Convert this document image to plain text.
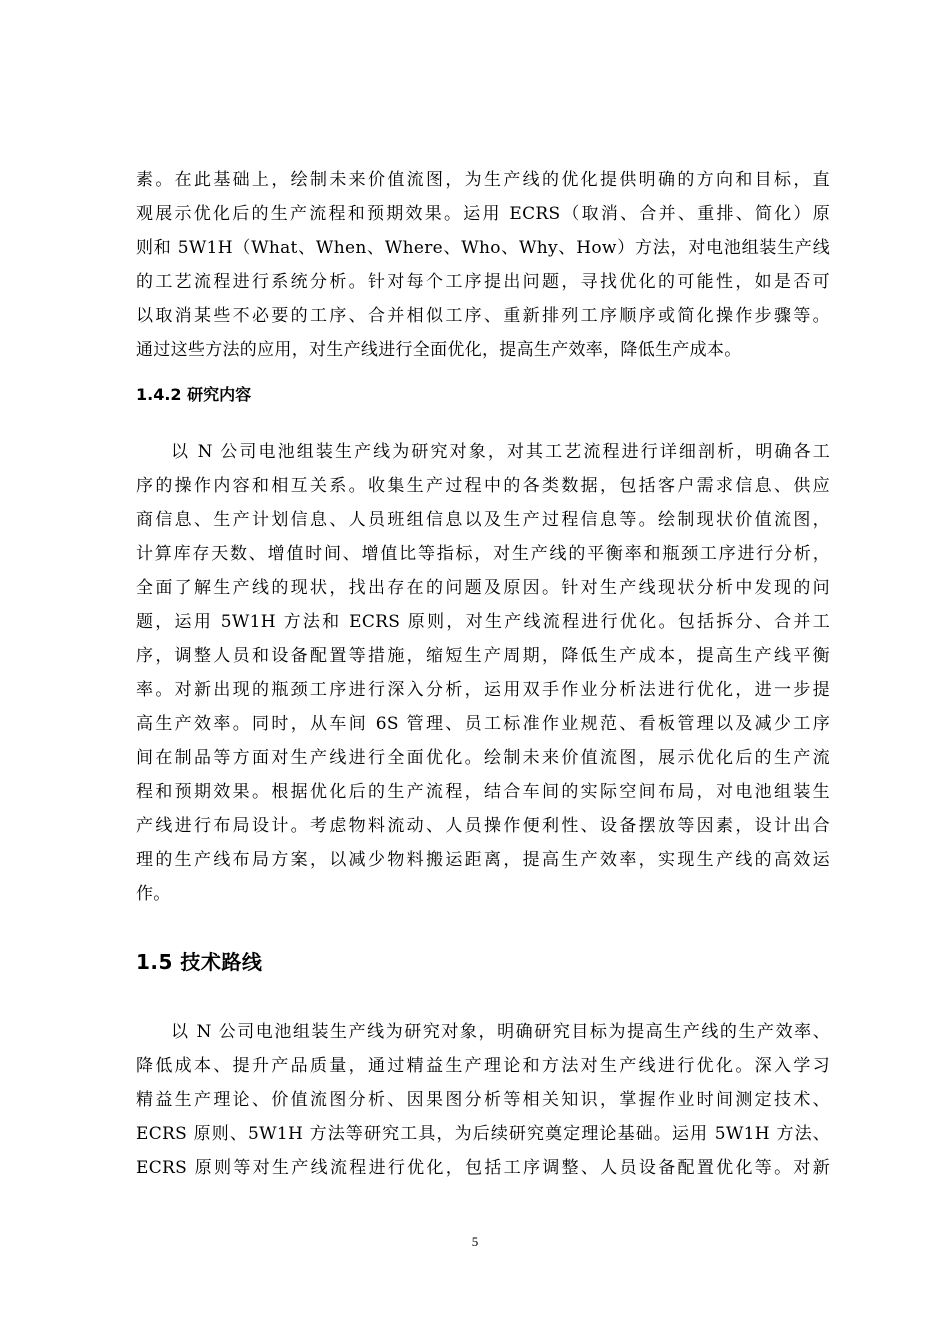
素。在此基础上，绘制未来价值流图，为生产线的优化提供明确的方向和目标，直
观展示优化后的生产流程和预期效果。运用 ECRS（取消、合并、重排、简化）原
则和 5W1H（What、When、Where、Who、Why、How）方法，对电池组装生产线
的工艺流程进行系统分析。针对每个工序提出问题，寻找优化的可能性，如是否可
以取消某些不必要的工序、合并相似工序、重新排列工序顺序或简化操作步骤等。
通过这些方法的应用，对生产线进行全面优化，提高生产效率，降低生产成本。
1.4.2 研究内容
以 N 公司电池组装生产线为研究对象，对其工艺流程进行详细剖析，明确各工
序的操作内容和相互关系。收集生产过程中的各类数据，包括客户需求信息、供应
商信息、生产计划信息、人员班组信息以及生产过程信息等。绘制现状价值流图，
计算库存天数、增值时间、增值比等指标，对生产线的平衡率和瓶颈工序进行分析，
全面了解生产线的现状，找出存在的问题及原因。针对生产线现状分析中发现的问
题，运用 5W1H 方法和 ECRS 原则，对生产线流程进行优化。包括拆分、合并工
序，调整人员和设备配置等措施，缩短生产周期，降低生产成本，提高生产线平衡
率。对新出现的瓶颈工序进行深入分析，运用双手作业分析法进行优化，进一步提
高生产效率。同时，从车间 6S 管理、员工标准作业规范、看板管理以及减少工序
间在制品等方面对生产线进行全面优化。绘制未来价值流图，展示优化后的生产流
程和预期效果。根据优化后的生产流程，结合车间的实际空间布局，对电池组装生
产线进行布局设计。考虑物料流动、人员操作便利性、设备摆放等因素，设计出合
理的生产线布局方案，以减少物料搬运距离，提高生产效率，实现生产线的高效运
作。
1.5 技术路线
以 N 公司电池组装生产线为研究对象，明确研究目标为提高生产线的生产效率、
降低成本、提升产品质量，通过精益生产理论和方法对生产线进行优化。深入学习
精益生产理论、价值流图分析、因果图分析等相关知识，掌握作业时间测定技术、
ECRS 原则、5W1H 方法等研究工具，为后续研究奠定理论基础。运用 5W1H 方法、
ECRS 原则等对生产线流程进行优化，包括工序调整、人员设备配置优化等。对新
5
